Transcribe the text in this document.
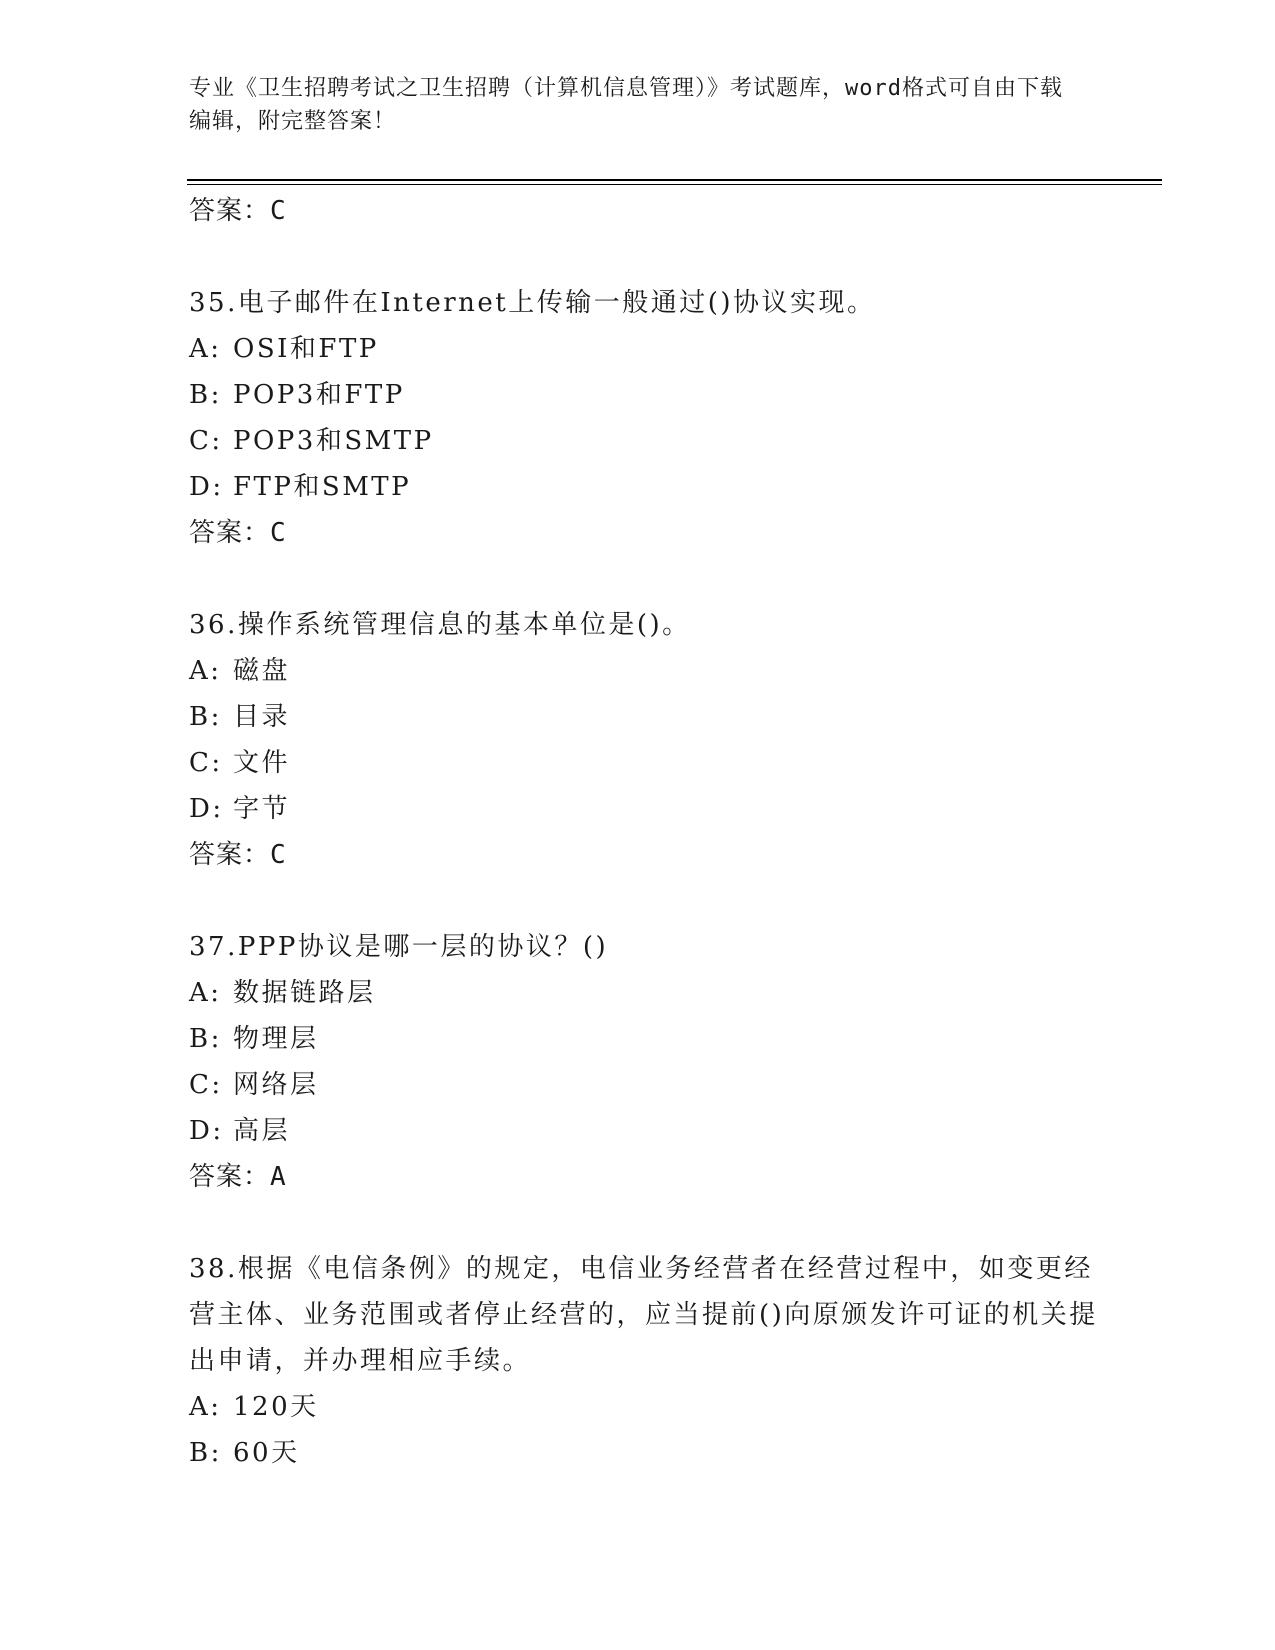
专业《卫生招聘考试之卫生招聘（计算机信息管理）》考试题库，word格式可自由下载编辑，附完整答案！
答案：C
35.电子邮件在Internet上传输一般通过()协议实现。
A: OSI和FTP
B: POP3和FTP
C: POP3和SMTP
D: FTP和SMTP
答案：C
36.操作系统管理信息的基本单位是()。
A: 磁盘
B: 目录
C: 文件
D: 字节
答案：C
37.PPP协议是哪一层的协议？()
A: 数据链路层
B: 物理层
C: 网络层
D: 高层
答案：A
38.根据《电信条例》的规定，电信业务经营者在经营过程中，如变更经营主体、业务范围或者停止经营的，应当提前()向原颁发许可证的机关提出申请，并办理相应手续。
A: 120天
B: 60天
